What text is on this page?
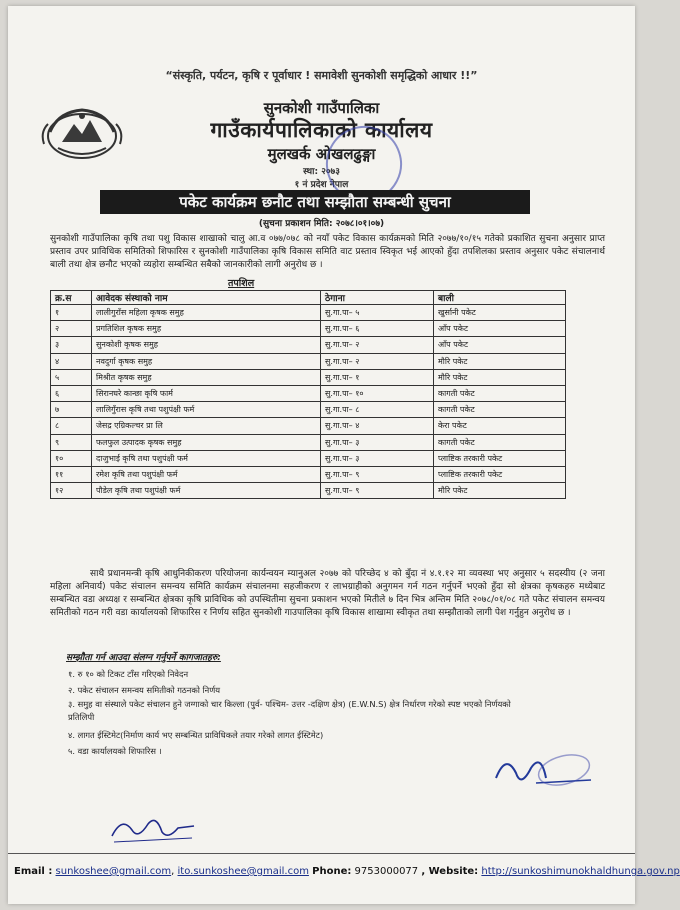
“संस्कृति, पर्यटन, कृषि र पूर्वाधार ! समावेशी सुनकोशी समृद्धिको आधार !!”
सुनकोशी गाउँपालिका
गाउँकार्यपालिकाको कार्यालय
मुलखर्क ओखलढुङ्गा
स्था: २०७३
१ नं प्रदेश नेपाल
पकेट कार्यक्रम छनौट तथा सम्झौता सम्बन्धी सुचना
(सुचना प्रकाशन मिति: २०७८।०१।०७)
सुनकोशी गाउँपालिका कृषि तथा पशु विकास शाखाको चालु आ.व ०७७/०७८ को नयाँ पकेट विकास कार्यक्रमको मिति २०७७/१०/१५ गतेको प्रकाशित सुचना अनुसार प्राप्त प्रस्ताव उपर प्राविधिक समितिको शिफारिस र सुनकोशी गाउँपालिका कृषि विकास समिति वाट प्रस्ताव स्विकृत भई आएको हुँदा तपशिलका प्रस्ताव अनुसार पकेट संचालनार्थ बाली तथा क्षेत्र छनौट भएको व्यहोरा सम्बन्धित सबैको जानकारीको लागी अनुरोध छ ।
तपशिल
क्र.स	आवेदक संस्थाको नाम	ठेगाना	बाली
१	लालीगुराँस महिला कृषक समुह	सु.गा.पा– ५	खुर्सानी पकेट
२	प्रगतिशिल कृषक समुह	सु.गा.पा– ६	आँप पकेट
३	सुनकोशी कृषक समुह	सु.गा.पा– २	आँप पकेट
४	नवदुर्गा कृषक समुह	सु.गा.पा– २	मौरि पकेट
५	मिश्रीत कृषक समुह	सु.गा.पा– १	मौरि पकेट
६	सिरानघरे कान्छा कृषि फार्म	सु.गा.पा– १०	कागती पकेट
७	लालिगुँरास कृषि तथा पशुपंक्षी फर्म	सु.गा.पा– ८	कागती पकेट
८	जेसद्र एग्रिकल्चर प्रा लि	सु.गा.पा– ४	केरा पकेट
९	फलफुल उत्पादक कृषक समुह	सु.गा.पा– ३	कागती पकेट
१०	दाजुभाई कृषि तथा पशुपंक्षी फर्म	सु.गा.पा– ३	प्लाष्टिक तरकारी पकेट
११	रमेश कृषि तथा पशुपंक्षी फर्म	सु.गा.पा– ९	प्लाष्टिक तरकारी पकेट
१२	पौडेल कृषि तथा पशुपंक्षी फर्म	सु.गा.पा– ९	मौरि पकेट
साथै प्रधानमन्त्री कृषि आधुनिकीकरण परियोजना कार्यन्वयन म्यानुअल २०७७ को परिच्छेद ४ को बुँदा नं ४.१.१२ मा व्यवस्था भए अनुसार ५ सदस्यीय (२ जना महिला अनिवार्य) पकेट संचालन समन्वय समिति कार्यक्रम संचालनमा सहजीकरण र लाभग्राहीको अनुगमन गर्न गठन गर्नुपर्ने भएको हुँदा सो क्षेत्रका कृषकहरु मध्येबाट सम्बन्धित वडा अध्यक्ष र सम्बन्धित क्षेत्रका कृषि प्राविधिक को उपस्थितीमा सुचना प्रकाशन भएको मितीले ७ दिन भित्र अन्तिम मिति २०७८/०१/०८ गते पकेट संचालन समन्वय समितीको गठन गरी वडा कार्यालयको शिफारिस र निर्णय सहित सुनकोशी गाउपालिका कृषि विकास शाखामा स्वीकृत तथा सम्झौताको लागी पेश गर्नुहुन अनुरोध छ ।
सम्झौता गर्न आउदा संलग्न गर्नुपर्ने कागजातहरु:
१. रु १० को टिकट टाँस गरिएको निवेदन
२. पकेट संचालन समन्वय समितीको गठनको निर्णय
३. समुह वा संस्थाले पकेट संचालन हुने जग्गाको चार किल्ला (पुर्व- पश्चिम- उत्तर -दक्षिण क्षेत्र) (E.W.N.S) क्षेत्र निर्धारण गरेको स्पष्ट भएको निर्णयको प्रतिलिपी
४. लागत ईस्टिमेट(निर्माण कार्य भए सम्बन्धित प्राविधिकले तयार गरेको लागत ईस्टिमेट)
५. वडा कार्यालयको शिफारिस ।
Email : sunkoshee@gmail.com, ito.sunkoshee@gmail.com Phone: 9753000077 , Website: http://sunkoshimunokhaldhunga.gov.np
